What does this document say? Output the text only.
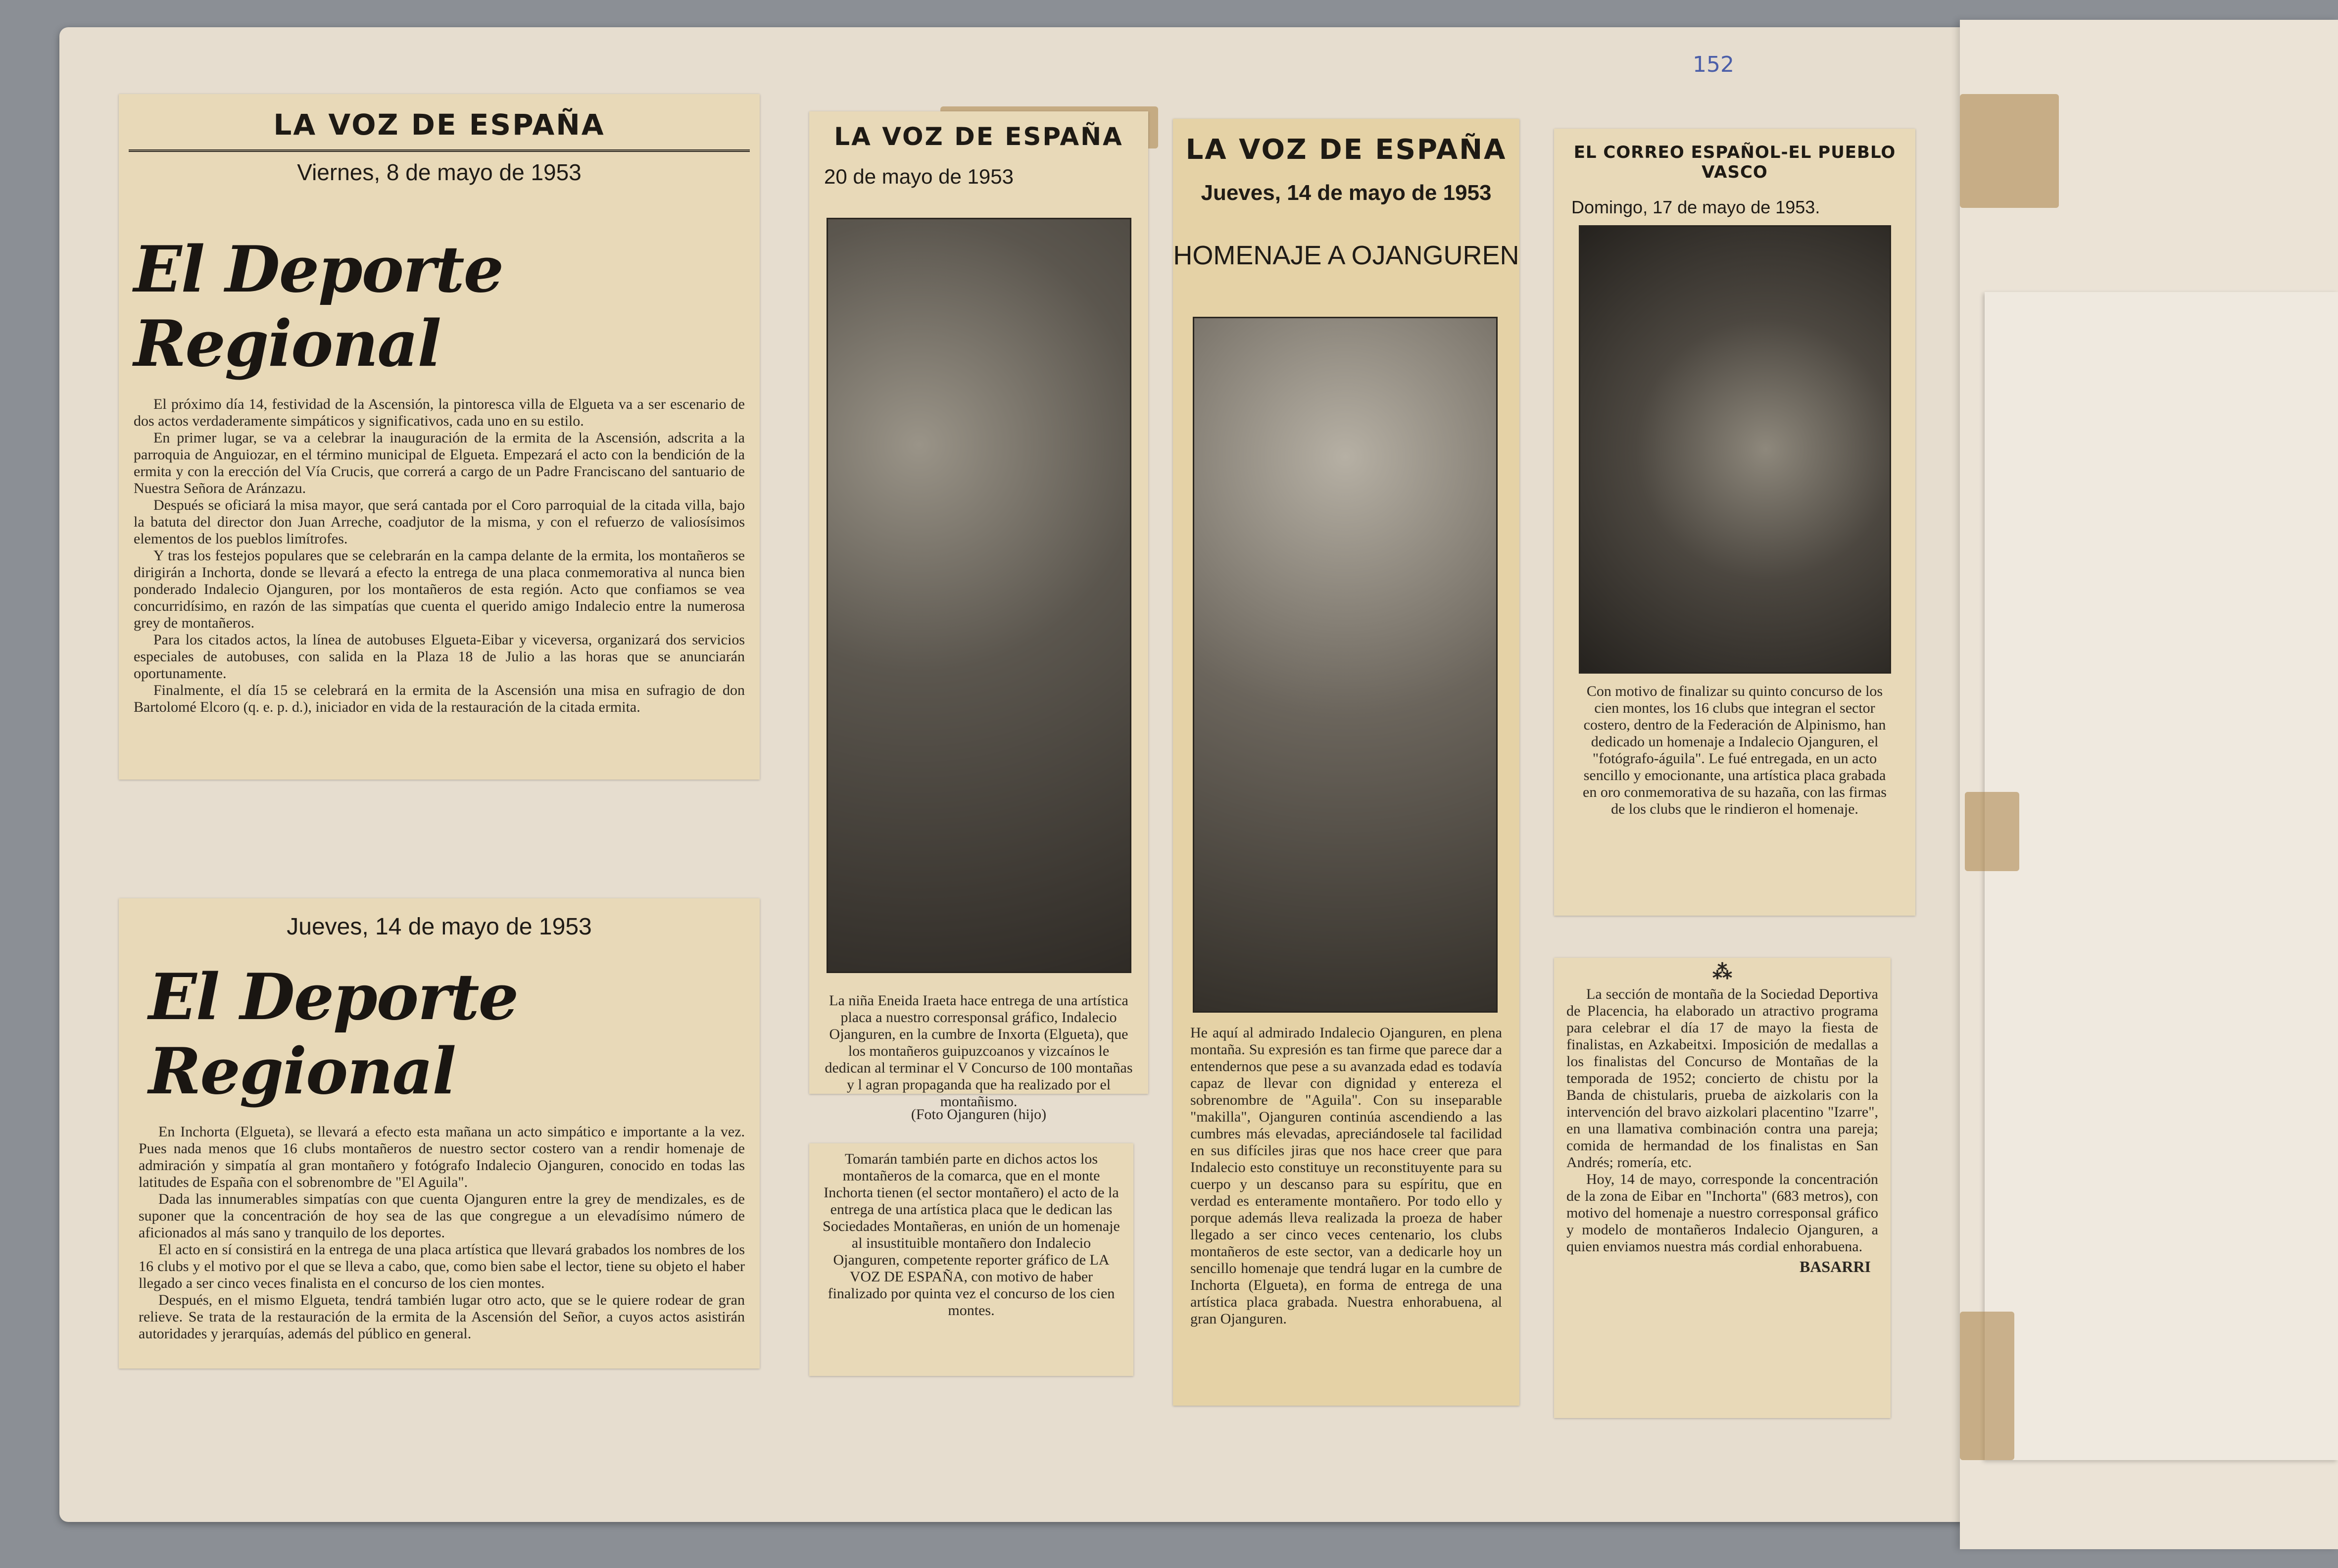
152
LA VOZ DE ESPAÑA
Viernes, 8 de mayo de 1953
El Deporte Regional

El próximo día 14, festividad de la Ascensión, la pintoresca villa de Elgueta va a ser escenario de dos actos verdaderamente simpáticos y significativos, cada uno en su estilo.

En primer lugar, se va a celebrar la inauguración de la ermita de la Ascensión, adscrita a la parroquia de Anguiozar, en el término municipal de Elgueta. Empezará el acto con la bendición de la ermita y con la erección del Vía Crucis, que correrá a cargo de un Padre Franciscano del santuario de Nuestra Señora de Aránzazu.

Después se oficiará la misa mayor, que será cantada por el Coro parroquial de la citada villa, bajo la batuta del director don Juan Arreche, coadjutor de la misma, y con el refuerzo de valiosísimos elementos de los pueblos limítrofes.

Y tras los festejos populares que se celebrarán en la campa delante de la ermita, los montañeros se dirigirán a Inchorta, donde se llevará a efecto la entrega de una placa conmemorativa al nunca bien ponderado Indalecio Ojanguren, por los montañeros de esta región. Acto que confiamos se vea concurridísimo, en razón de las simpatías que cuenta el querido amigo Indalecio entre la numerosa grey de montañeros.

Para los citados actos, la línea de autobuses Elgueta-Eibar y viceversa, organizará dos servicios especiales de autobuses, con salida en la Plaza 18 de Julio a las horas que se anunciarán oportunamente.

Finalmente, el día 15 se celebrará en la ermita de la Ascensión una misa en sufragio de don Bartolomé Elcoro (q. e. p. d.), iniciador en vida de la restauración de la citada ermita.

Jueves, 14 de mayo de 1953
El Deporte Regional

En Inchorta (Elgueta), se llevará a efecto esta mañana un acto simpático e importante a la vez. Pues nada menos que 16 clubs montañeros de nuestro sector costero van a rendir homenaje de admiración y simpatía al gran montañero y fotógrafo Indalecio Ojanguren, conocido en todas las latitudes de España con el sobrenombre de "El Aguila".

Dada las innumerables simpatías con que cuenta Ojanguren entre la grey de mendizales, es de suponer que la concentración de hoy sea de las que congregue a un elevadísimo número de aficionados al más sano y tranquilo de los deportes.

El acto en sí consistirá en la entrega de una placa artística que llevará grabados los nombres de los 16 clubs y el motivo por el que se lleva a cabo, que, como bien sabe el lector, tiene su objeto el haber llegado a ser cinco veces finalista en el concurso de los cien montes.

Después, en el mismo Elgueta, tendrá también lugar otro acto, que se le quiere rodear de gran relieve. Se trata de la restauración de la ermita de la Ascensión del Señor, a cuyos actos asistirán autoridades y jerarquías, además del público en general.

LA VOZ DE ESPAÑA
20 de mayo de 1953
La niña Eneida Iraeta hace entrega de una artística placa a nuestro corresponsal gráfico, Indalecio Ojanguren, en la cumbre de Inxorta (Elgueta), que los montañeros guipuzcoanos y vizcaínos le dedican al terminar el V Concurso de 100 montañas y l agran propaganda que ha realizado por el montañismo.
(Foto Ojanguren (hijo)
Tomarán también parte en dichos actos los montañeros de la comarca, que en el monte Inchorta tienen (el sector montañero) el acto de la entrega de una artística placa que le dedican las Sociedades Montañeras, en unión de un homenaje al insustituible montañero don Indalecio Ojanguren, competente reporter gráfico de LA VOZ DE ESPAÑA, con motivo de haber finalizado por quinta vez el concurso de los cien montes.
LA VOZ DE ESPAÑA
Jueves, 14 de mayo de 1953
HOMENAJE A OJANGUREN
He aquí al admirado Indalecio Ojanguren, en plena montaña. Su expresión es tan firme que parece dar a entendernos que pese a su avanzada edad es todavía capaz de llevar con dignidad y entereza el sobrenombre de "Aguila". Con su inseparable "makilla", Ojanguren continúa ascendiendo a las cumbres más elevadas, apreciándosele tal facilidad en sus difíciles jiras que nos hace creer que para Indalecio esto constituye un reconstituyente para su cuerpo y un descanso para su espíritu, que en verdad es enteramente montañero. Por todo ello y porque además lleva realizada la proeza de haber llegado a ser cinco veces centenario, los clubs montañeros de este sector, van a dedicarle hoy un sencillo homenaje que tendrá lugar en la cumbre de Inchorta (Elgueta), en forma de entrega de una artística placa grabada. Nuestra enhorabuena, al gran Ojanguren.
EL CORREO ESPAÑOL-EL PUEBLO VASCO
Domingo, 17 de mayo de 1953.
Con motivo de finalizar su quinto concurso de los cien montes, los 16 clubs que integran el sector costero, dentro de la Federación de Alpinismo, han dedicado un homenaje a Indalecio Ojanguren, el "fotógrafo-águila". Le fué entregada, en un acto sencillo y emocionante, una artística placa grabada en oro conmemorativa de su hazaña, con las firmas de los clubs que le rindieron el homenaje.
⁂

La sección de montaña de la Sociedad Deportiva de Placencia, ha elaborado un atractivo programa para celebrar el día 17 de mayo la fiesta de finalistas, en Azkabeitxi. Imposición de medallas a los finalistas del Concurso de Montañas de la temporada de 1952; concierto de chistu por la Banda de chistularis, prueba de aizkolaris con la intervención del bravo aizkolari placentino "Izarre", en una llamativa combinación contra una pareja; comida de hermandad de los finalistas en San Andrés; romería, etc.

Hoy, 14 de mayo, corresponde la concentración de la zona de Eibar en "Inchorta" (683 metros), con motivo del homenaje a nuestro corresponsal gráfico y modelo de montañeros Indalecio Ojanguren, a quien enviamos nuestra más cordial enhorabuena.

BASARRI
